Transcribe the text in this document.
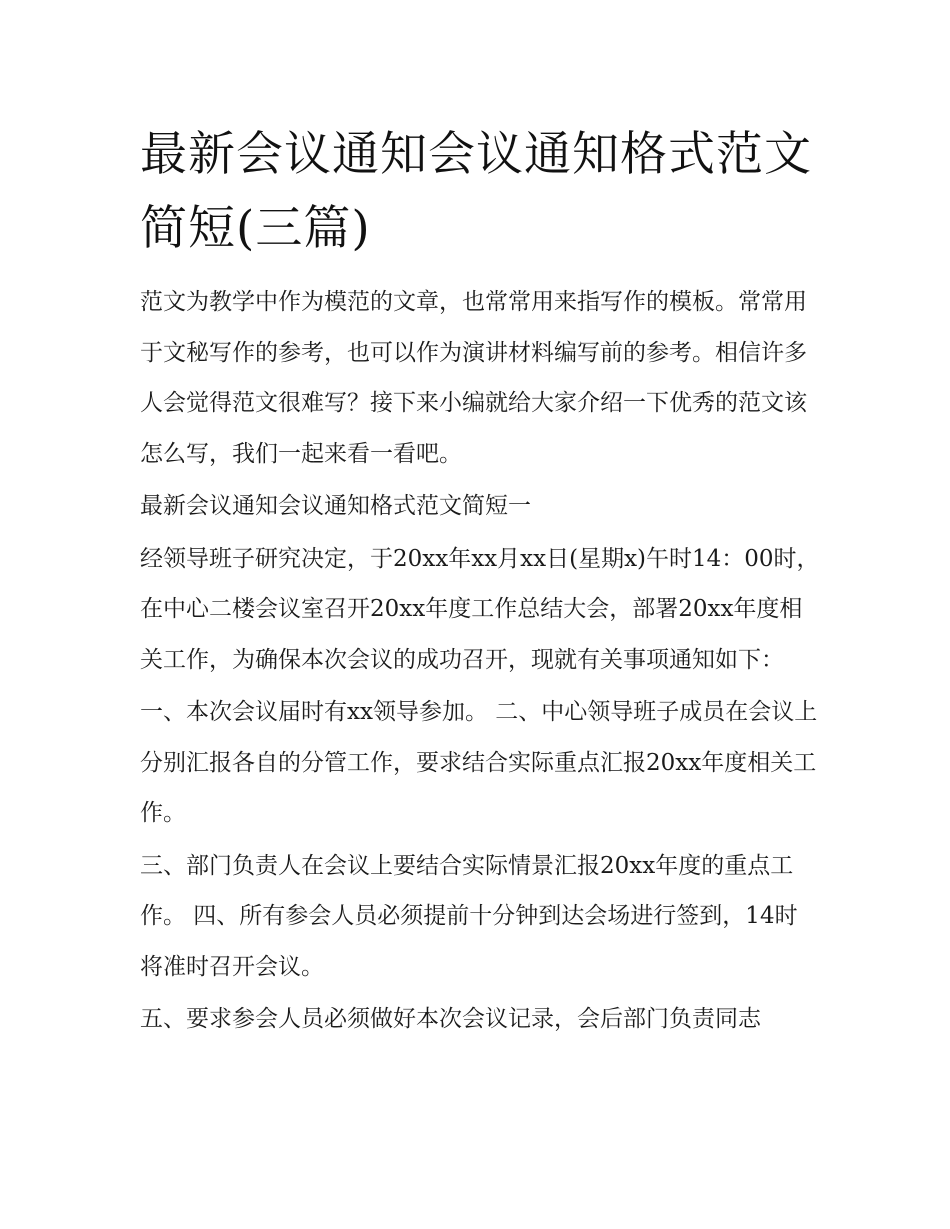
最新会议通知会议通知格式范文简短(三篇)

范文为教学中作为模范的文章，也常常用来指写作的模板。常常用于文秘写作的参考，也可以作为演讲材料编写前的参考。相信许多人会觉得范文很难写？接下来小编就给大家介绍一下优秀的范文该怎么写，我们一起来看一看吧。

最新会议通知会议通知格式范文简短一

经领导班子研究决定，于20xx年xx月xx日(星期x)午时14：00时，在中心二楼会议室召开20xx年度工作总结大会，部署20xx年度相关工作，为确保本次会议的成功召开，现就有关事项通知如下：

一、本次会议届时有xx领导参加。 二、中心领导班子成员在会议上分别汇报各自的分管工作，要求结合实际重点汇报20xx年度相关工作。

三、部门负责人在会议上要结合实际情景汇报20xx年度的重点工作。 四、所有参会人员必须提前十分钟到达会场进行签到，14时将准时召开会议。

五、要求参会人员必须做好本次会议记录，会后部门负责同志
